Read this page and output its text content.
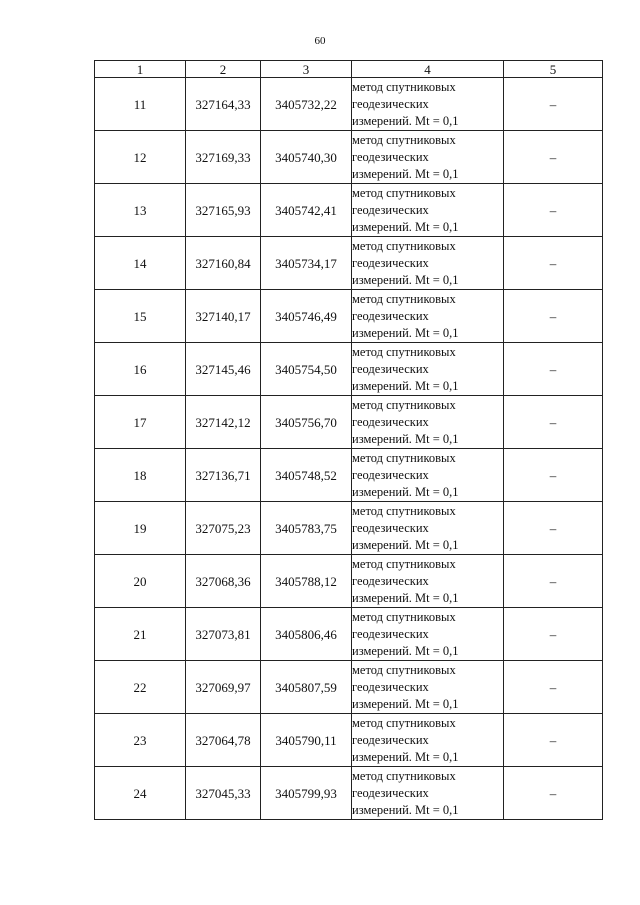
60
1	2	3	4	5
11	327164,33	3405732,22	метод спутниковых
геодезических
измерений. Mt = 0,1	–
12	327169,33	3405740,30	метод спутниковых
геодезических
измерений. Mt = 0,1	–
13	327165,93	3405742,41	метод спутниковых
геодезических
измерений. Mt = 0,1	–
14	327160,84	3405734,17	метод спутниковых
геодезических
измерений. Mt = 0,1	–
15	327140,17	3405746,49	метод спутниковых
геодезических
измерений. Mt = 0,1	–
16	327145,46	3405754,50	метод спутниковых
геодезических
измерений. Mt = 0,1	–
17	327142,12	3405756,70	метод спутниковых
геодезических
измерений. Mt = 0,1	–
18	327136,71	3405748,52	метод спутниковых
геодезических
измерений. Mt = 0,1	–
19	327075,23	3405783,75	метод спутниковых
геодезических
измерений. Mt = 0,1	–
20	327068,36	3405788,12	метод спутниковых
геодезических
измерений. Mt = 0,1	–
21	327073,81	3405806,46	метод спутниковых
геодезических
измерений. Mt = 0,1	–
22	327069,97	3405807,59	метод спутниковых
геодезических
измерений. Mt = 0,1	–
23	327064,78	3405790,11	метод спутниковых
геодезических
измерений. Mt = 0,1	–
24	327045,33	3405799,93	метод спутниковых
геодезических
измерений. Mt = 0,1	–
